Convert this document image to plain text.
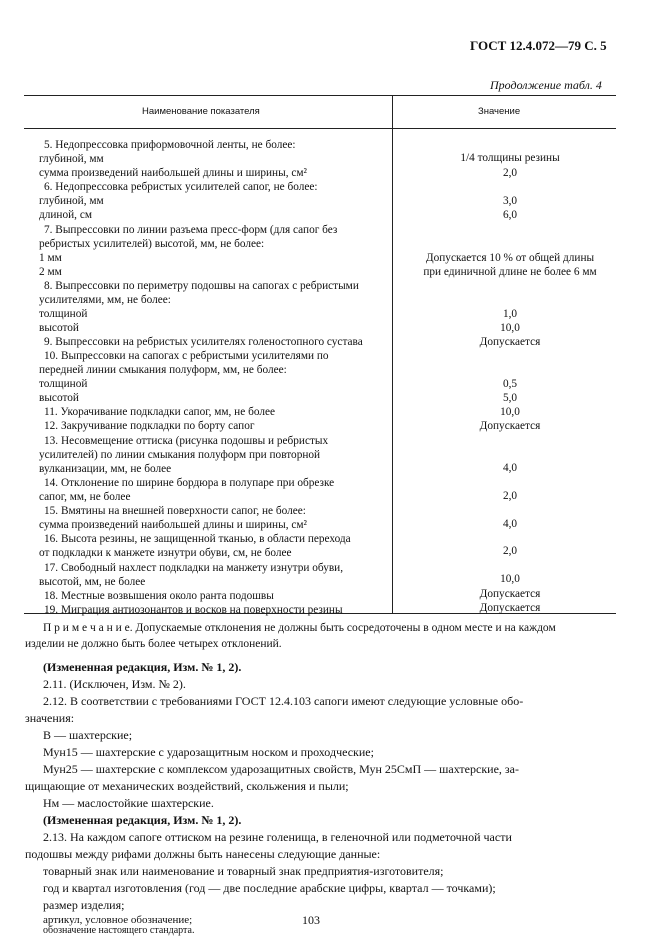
ГОСТ 12.4.072—79 С. 5
Продолжение табл. 4
Наименование показателя	Значение
5. Недопрессовка приформовочной ленты, не более:
глубиной, мм
сумма произведений наибольшей длины и ширины, см²
6. Недопрессовка ребристых усилителей сапог, не более:
глубиной, мм
длиной, см
7. Выпрессовки по линии разъема пресс-форм (для сапог без
ребристых усилителей) высотой, мм, не более:
1 мм
2 мм
8. Выпрессовки по периметру подошвы на сапогах с ребристыми
усилителями, мм, не более:
толщиной
высотой
9. Выпрессовки на ребристых усилителях голеностопного сустава
10. Выпрессовки на сапогах с ребристыми усилителями по
передней линии смыкания полуформ, мм, не более:
толщиной
высотой
11. Укорачивание подкладки сапог, мм, не более
12. Закручивание подкладки по борту сапог
13. Несовмещение оттиска (рисунка подошвы и ребристых
усилителей) по линии смыкания полуформ при повторной
вулканизации, мм, не более
14. Отклонение по ширине бордюра в полупаре при обрезке
сапог, мм, не более
15. Вмятины на внешней поверхности сапог, не более:
сумма произведений наибольшей длины и ширины, см²
16. Высота резины, не защищенной тканью, в области перехода
от подкладки к манжете изнутри обуви, см, не более
17. Свободный нахлест подкладки на манжету изнутри обуви,
высотой, мм, не более
18. Местные возвышения около ранта подошвы
19. Миграция антиозонантов и восков на поверхности резины
1/4 толщины резины
2,0
3,0
6,0
Допускается 10 % от общей длины
при единичной длине не более 6 мм
1,0
10,0
Допускается
0,5
5,0
10,0
Допускается
4,0
2,0
4,0
2,0
10,0
Допускается
Допускается
П р и м е ч а н и е. Допускаемые отклонения не должны быть сосредоточены в одном месте и на каждом
изделии не должно быть более четырех отклонений.
(Измененная редакция, Изм. № 1, 2).
2.11. (Исключен, Изм. № 2).
2.12. В соответствии с требованиями ГОСТ 12.4.103 сапоги имеют следующие условные обо-
значения:
В — шахтерские;
Мун15 — шахтерские с ударозащитным носком и проходческие;
Мун25 — шахтерские с комплексом ударозащитных свойств, Мун 25СмП — шахтерские, за-
щищающие от механических воздействий, скольжения и пыли;
Нм — маслостойкие шахтерские.
(Измененная редакция, Изм. № 1, 2).
2.13. На каждом сапоге оттиском на резине голенища, в геленочной или подметочной части
подошвы между рифами должны быть нанесены следующие данные:
товарный знак или наименование и товарный знак предприятия-изготовителя;
год и квартал изготовления (год — две последние арабские цифры, квартал — точками);
размер изделия;
артикул, условное обозначение;
обозначение настоящего стандарта.
103
